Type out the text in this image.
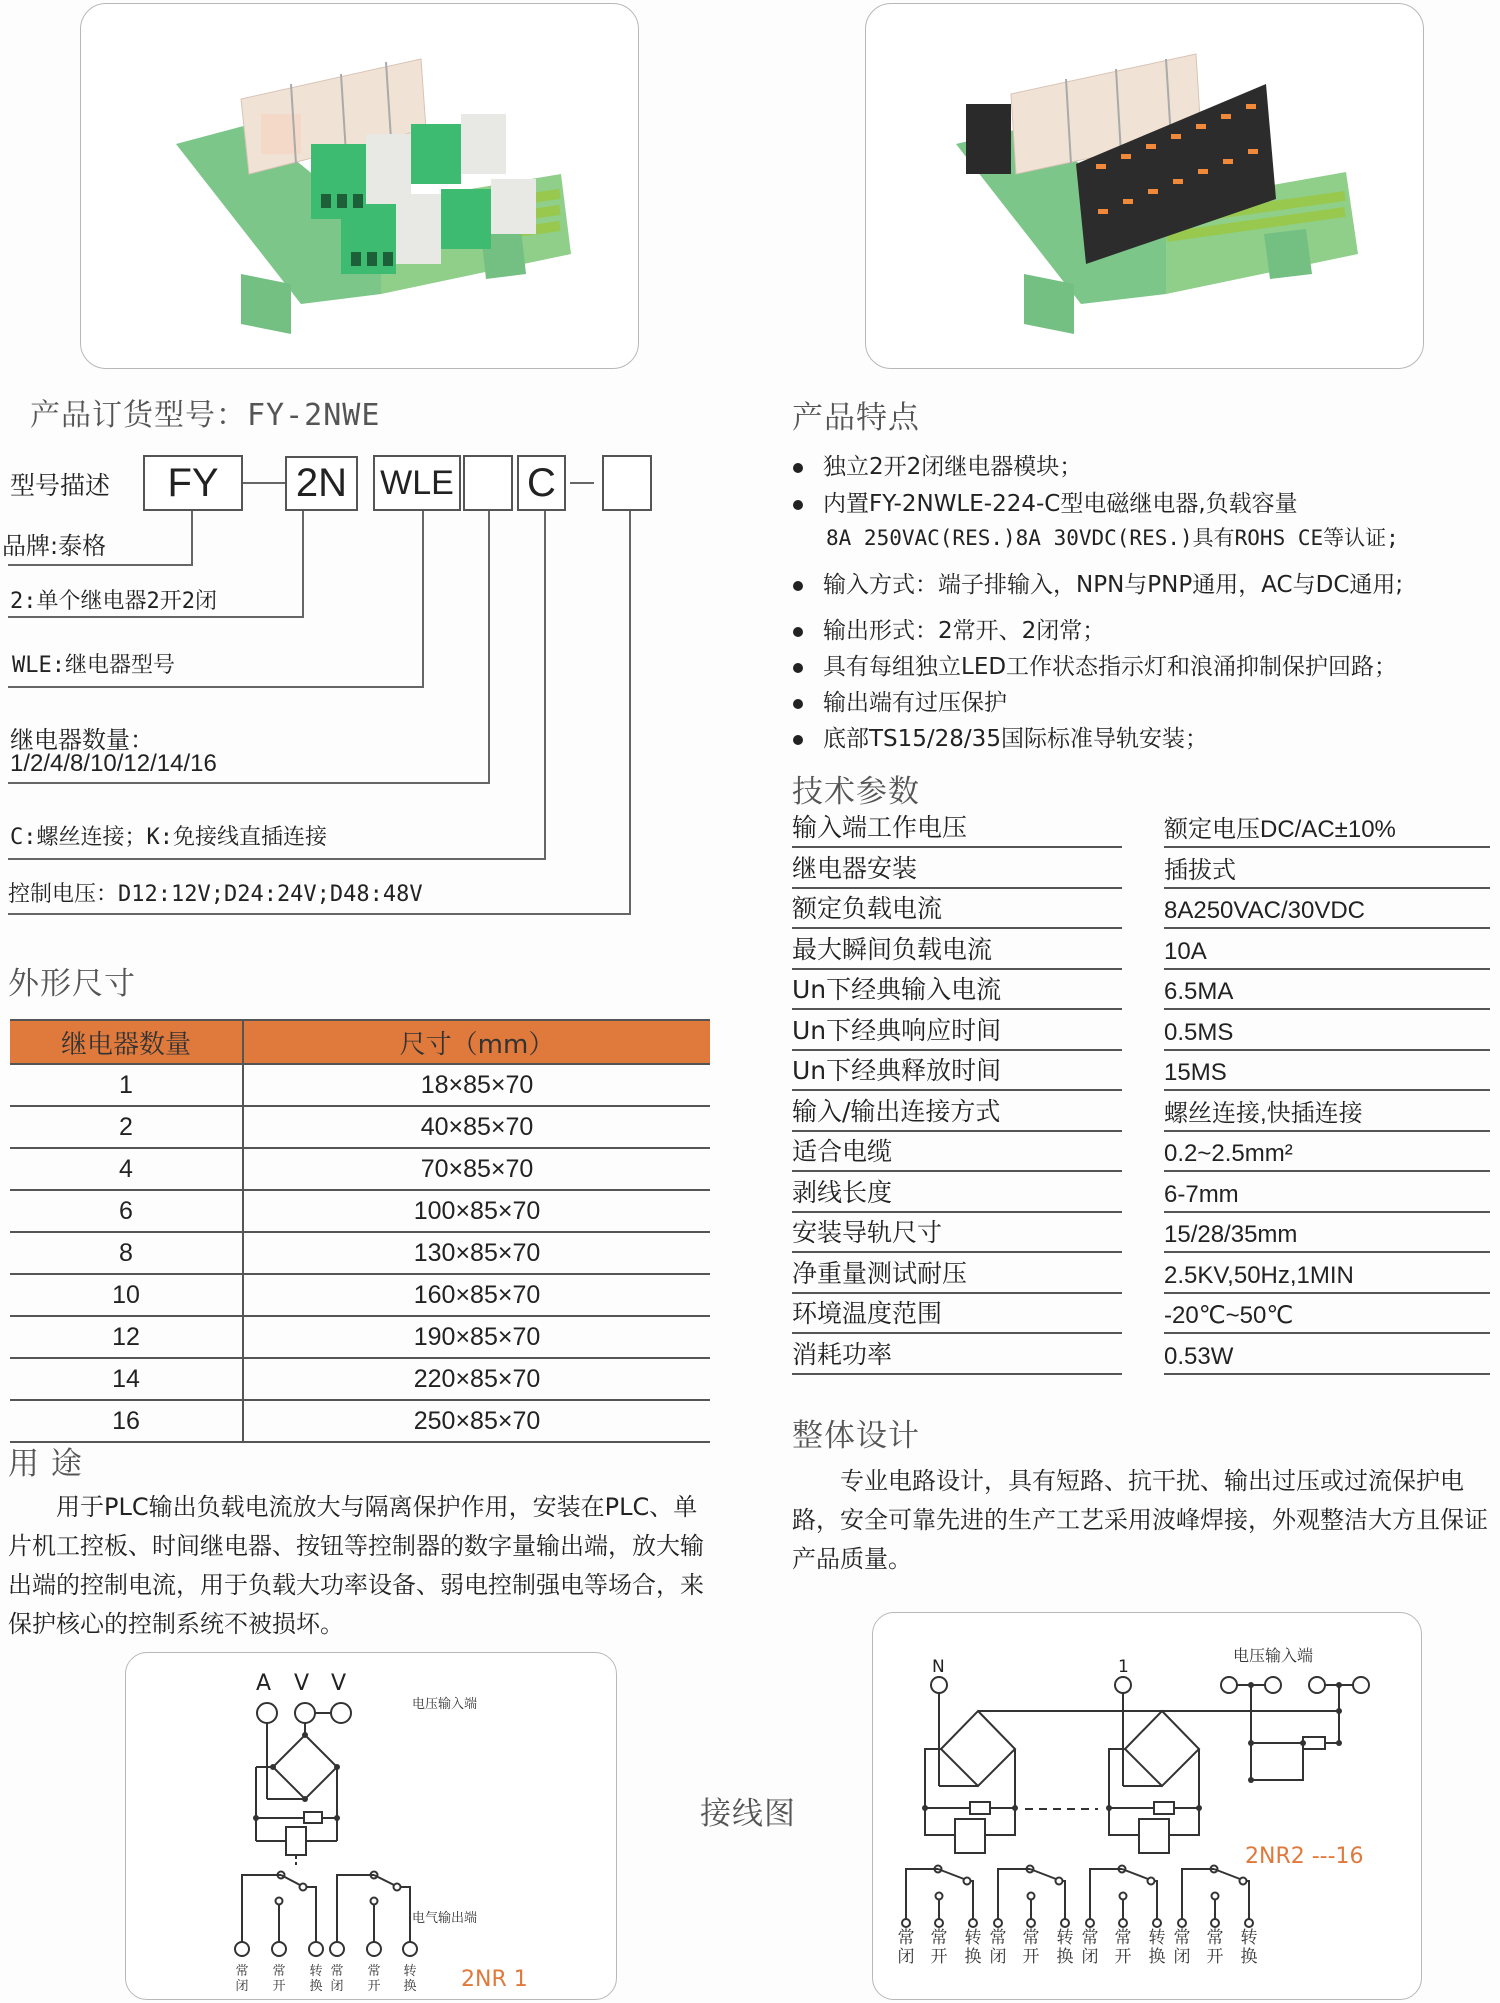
产品订货型号：FY-2NWE
型号描述	FY	2N WLE C
品牌:泰格
2:单个继电器2开2闭
WLE:继电器型号
继电器数量：
1/2/4/8/10/12/14/16
C:螺丝连接；K:免接线直插连接
控制电压：D12:12V;D24:24V;D48:48V
外形尺寸
继电器数量	尺寸（mm）
1	18×85×70
2	40×85×70
4	70×85×70
6	100×85×70
8	130×85×70
10	160×85×70
12	190×85×70
14	220×85×70
16	250×85×70
用 途
用于PLC输出负载电流放大与隔离保护作用，安装在PLC、单片机工控板、时间继电器、按钮等控制器的数字量输出端，放大输出端的控制电流，用于负载大功率设备、弱电控制强电等场合，来保护核心的控制系统不被损坏。
产品特点
独立2开2闭继电器模块；
内置FY-2NWLE-224-C型电磁继电器,负载容量
8A 250VAC(RES.)8A 30VDC(RES.)具有ROHS CE等认证;
输入方式：端子排输入，NPN与PNP通用，AC与DC通用;
输出形式：2常开、2闭常；
具有每组独立LED工作状态指示灯和浪涌抑制保护回路；
输出端有过压保护
底部TS15/28/35国际标准导轨安装；
技术参数
输入端工作电压	额定电压DC/AC±10%
继电器安装	插拔式
额定负载电流	8A250VAC/30VDC
最大瞬间负载电流	10A
Un下经典输入电流	6.5MA
Un下经典响应时间	0.5MS
Un下经典释放时间	15MS
输入/输出连接方式	螺丝连接,快插连接
适合电缆	0.2~2.5mm²
剥线长度	6-7mm
安装导轨尺寸	15/28/35mm
净重量测试耐压	2.5KV,50Hz,1MIN
环境温度范围	-20℃~50℃
消耗功率	0.53W
整体设计
专业电路设计，具有短路、抗干扰、输出过压或过流保护电路，安全可靠先进的生产工艺采用波峰焊接，外观整洁大方且保证产品质量。
接线图
A V V
电压输入端
电气输出端
2NR 1
常
闭
常
开
转
换
常
闭
常
开
转
换
N	1
电压输入端
2NR2 ---16
常
闭
常
开
转
换
常
闭
常
开
转
换
常
闭
常
开
转
换
常
闭
常
开
转
换
